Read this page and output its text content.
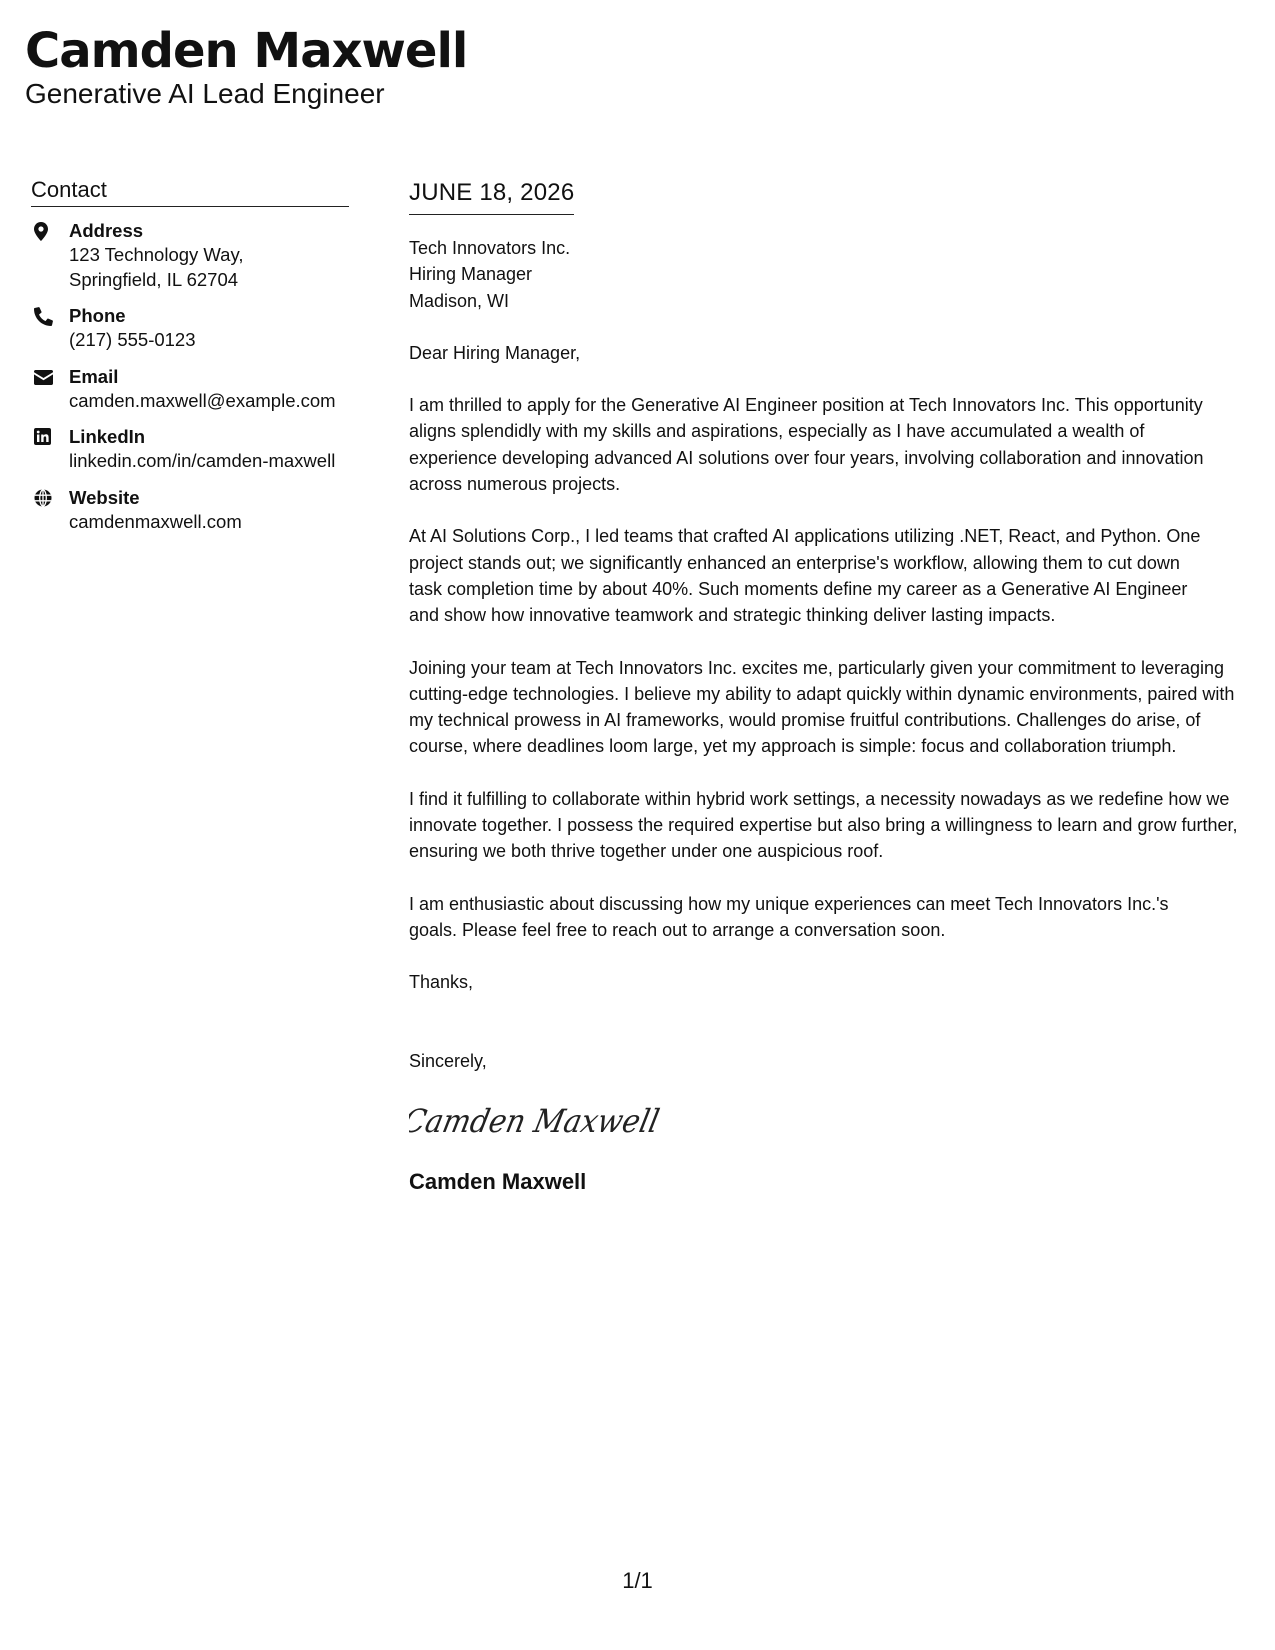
Camden Maxwell
Generative AI Lead Engineer
Contact
Address
123 Technology Way, Springfield, IL 62704
Phone
(217) 555-0123
Email
camden.maxwell@example.com
LinkedIn
linkedin.com/in/camden-maxwell
Website
camdenmaxwell.com
JUNE 18, 2026
Tech Innovators Inc.
Hiring Manager
Madison, WI
Dear Hiring Manager,
I am thrilled to apply for the Generative AI Engineer position at Tech Innovators Inc. This opportunity aligns splendidly with my skills and aspirations, especially as I have accumulated a wealth of experience developing advanced AI solutions over four years, involving collaboration and innovation across numerous projects.
At AI Solutions Corp., I led teams that crafted AI applications utilizing .NET, React, and Python. One project stands out; we significantly enhanced an enterprise's workflow, allowing them to cut down task completion time by about 40%. Such moments define my career as a Generative AI Engineer and show how innovative teamwork and strategic thinking deliver lasting impacts.
Joining your team at Tech Innovators Inc. excites me, particularly given your commitment to leveraging cutting-edge technologies. I believe my ability to adapt quickly within dynamic environments, paired with my technical prowess in AI frameworks, would promise fruitful contributions. Challenges do arise, of course, where deadlines loom large, yet my approach is simple: focus and collaboration triumph.
I find it fulfilling to collaborate within hybrid work settings, a necessity nowadays as we redefine how we innovate together. I possess the required expertise but also bring a willingness to learn and grow further, ensuring we both thrive together under one auspicious roof.
I am enthusiastic about discussing how my unique experiences can meet Tech Innovators Inc.'s goals. Please feel free to reach out to arrange a conversation soon.
Thanks,
Sincerely,
Camden Maxwell
Camden Maxwell
1/1
